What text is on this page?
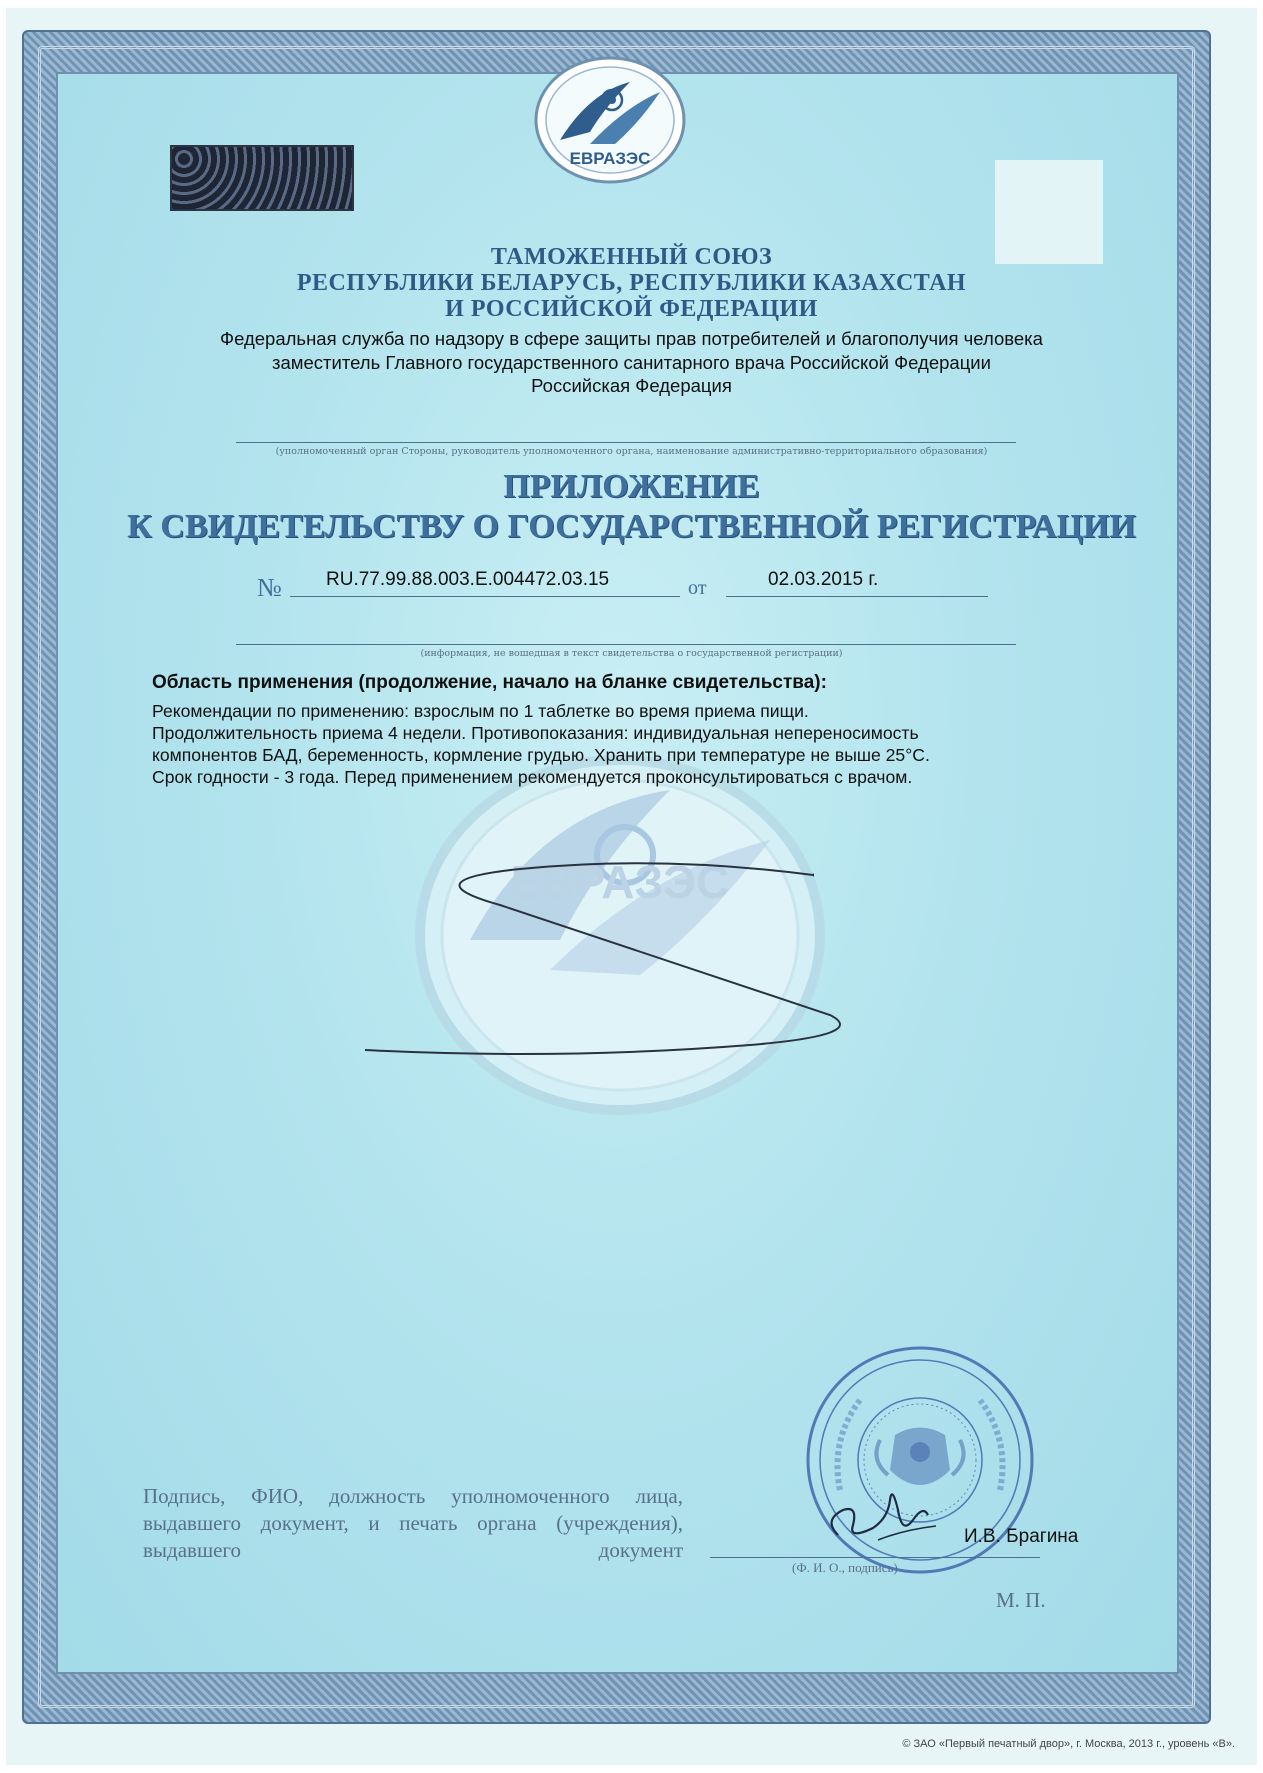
ЕВРАЗЭС
ЕВРАЗЭС
ТАМОЖЕННЫЙ СОЮЗ
РЕСПУБЛИКИ БЕЛАРУСЬ, РЕСПУБЛИКИ КАЗАХСТАН
И РОССИЙСКОЙ ФЕДЕРАЦИИ
Федеральная служба по надзору в сфере защиты прав потребителей и благополучия человека
заместитель Главного государственного санитарного врача Российской Федерации
Российская Федерация
(уполномоченный орган Стороны, руководитель уполномоченного органа, наименование административно-территориального образования)
ПРИЛОЖЕНИЕ
К СВИДЕТЕЛЬСТВУ О ГОСУДАРСТВЕННОЙ РЕГИСТРАЦИИ
№ RU.77.99.88.003.E.004472.03.15	от	02.03.2015 г.
(информация, не вошедшая в текст свидетельства о государственной регистрации)
Область применения (продолжение, начало на бланке свидетельства):
Рекомендации по применению: взрослым по 1 таблетке во время приема пищи.
Продолжительность приема 4 недели. Противопоказания: индивидуальная непереносимость
компонентов БАД, беременность, кормление грудью. Хранить при температуре не выше 25°С.
Срок годности - 3 года. Перед применением рекомендуется проконсультироваться с врачом.
Подпись, ФИО, должность уполномоченного лица, выдавшего документ, и печать органа (учреждения), выдавшего документ
И.В. Брагина
(Ф. И. О., подпись)
М. П.
© ЗАО «Первый печатный двор», г. Москва, 2013 г., уровень «В».
